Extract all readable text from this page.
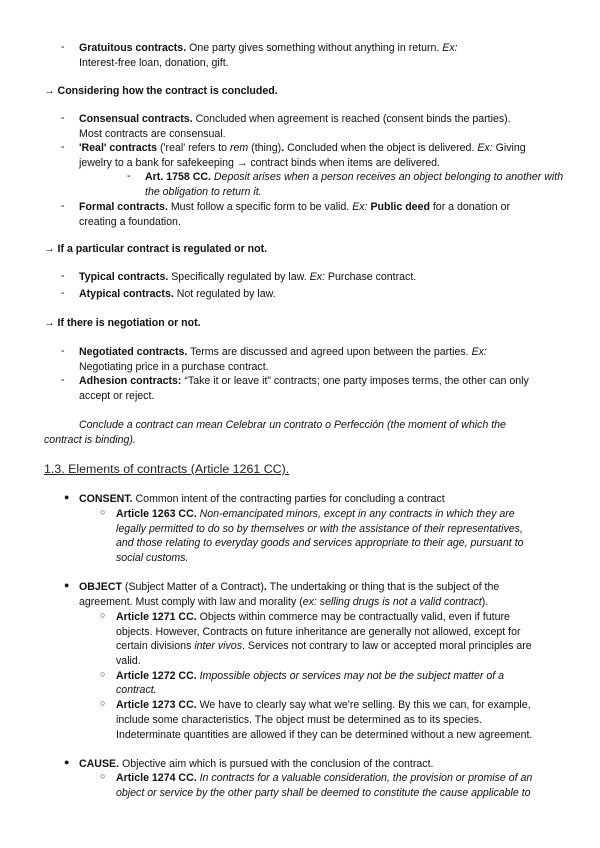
- Gratuitous contracts. One party gives something without anything in return. Ex:
Interest-free loan, donation, gift.
→ Considering how the contract is concluded.
- Consensual contracts. Concluded when agreement is reached (consent binds the parties).
Most contracts are consensual.
- 'Real' contracts ('real' refers to rem (thing). Concluded when the object is delivered. Ex: Giving
jewelry to a bank for safekeeping → contract binds when items are delivered.
- Art. 1758 CC. Deposit arises when a person receives an object belonging to another with
the obligation to return it.
- Formal contracts. Must follow a specific form to be valid. Ex: Public deed for a donation or
creating a foundation.
→ If a particular contract is regulated or not.
- Typical contracts. Specifically regulated by law. Ex: Purchase contract.
- Atypical contracts. Not regulated by law.
→ If there is negotiation or not.
- Negotiated contracts. Terms are discussed and agreed upon between the parties. Ex:
Negotiating price in a purchase contract.
- Adhesion contracts: “Take it or leave it” contracts; one party imposes terms, the other can only
accept or reject.
Conclude a contract can mean Celebrar un contrato o Perfección (the moment of which the
contract is binding).
1.3. Elements of contracts (Article 1261 CC).
● CONSENT. Common intent of the contracting parties for concluding a contract
○ Article 1263 CC. Non-emancipated minors, except in any contracts in which they are
legally permitted to do so by themselves or with the assistance of their representatives,
and those relating to everyday goods and services appropriate to their age, pursuant to
social customs.
● OBJECT (Subject Matter of a Contract). The undertaking or thing that is the subject of the
agreement. Must comply with law and morality (ex: selling drugs is not a valid contract).
○ Article 1271 CC. Objects within commerce may be contractually valid, even if future
objects. However, Contracts on future inheritance are generally not allowed, except for
certain divisions inter vivos. Services not contrary to law or accepted moral principles are
valid.
○ Article 1272 CC. Impossible objects or services may not be the subject matter of a
contract.
○ Article 1273 CC. We have to clearly say what we're selling. By this we can, for example,
include some characteristics. The object must be determined as to its species.
Indeterminate quantities are allowed if they can be determined without a new agreement.
● CAUSE. Objective aim which is pursued with the conclusion of the contract.
○ Article 1274 CC. In contracts for a valuable consideration, the provision or promise of an
object or service by the other party shall be deemed to constitute the cause applicable to
